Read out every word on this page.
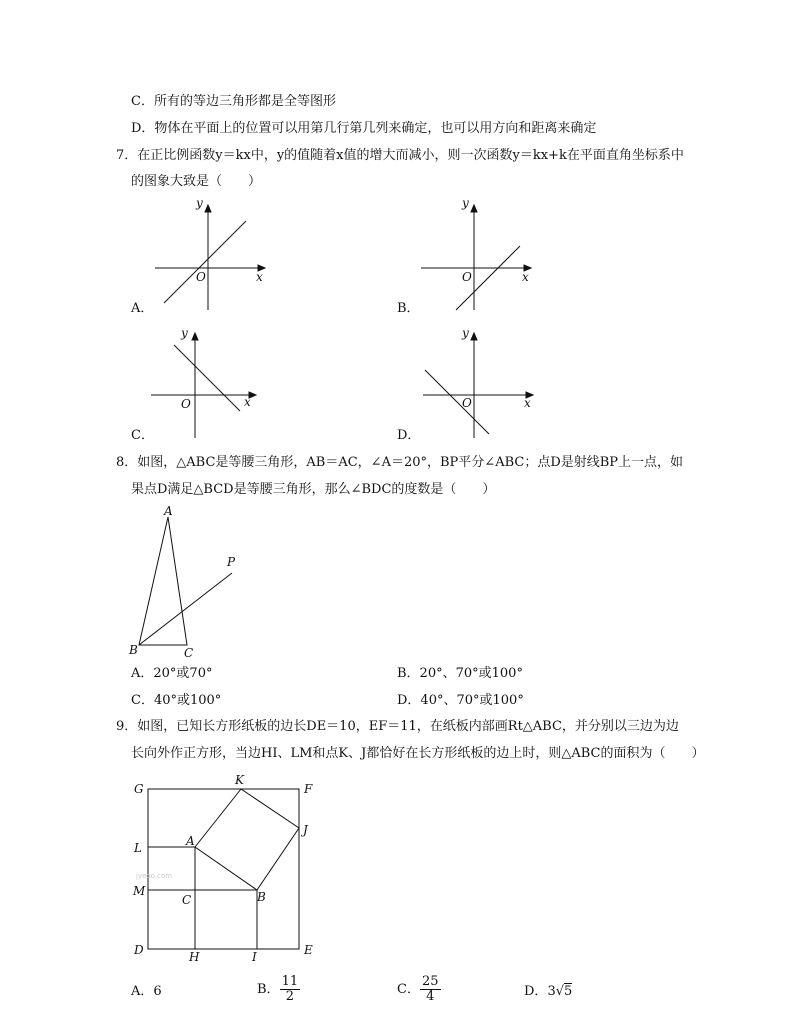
C．所有的等边三角形都是全等图形
D．物体在平面上的位置可以用第几行第几列来确定，也可以用方向和距离来确定
7．在正比例函数y＝kx中，y的值随着x值的增大而减小，则一次函数y＝kx+k在平面直角坐标系中
的图象大致是（　　）
y
x
O
A．
y
x
O
B．
y
x
O
C．
y
x
O
D．
8．如图，△ABC是等腰三角形，AB＝AC，∠A＝20°，BP平分∠ABC；点D是射线BP上一点，如
果点D满足△BCD是等腰三角形，那么∠BDC的度数是（　　）
A
B	C
P
A．20°或70°	B．20°、70°或100°
C．40°或100°	D．40°、70°或100°
9．如图，已知长方形纸板的边长DE＝10，EF＝11，在纸板内部画Rt△ABC，并分别以三边为边
长向外作正方形，当边HI、LM和点K、J都恰好在长方形纸板的边上时，则△ABC的面积为（　　）
G
K
F
J
L	A
M
C	B
D	H	I	E
jyeoo.com
A．6	B． $\frac{11}{2}$	C． $\frac{25}{4}$	D．3√5
